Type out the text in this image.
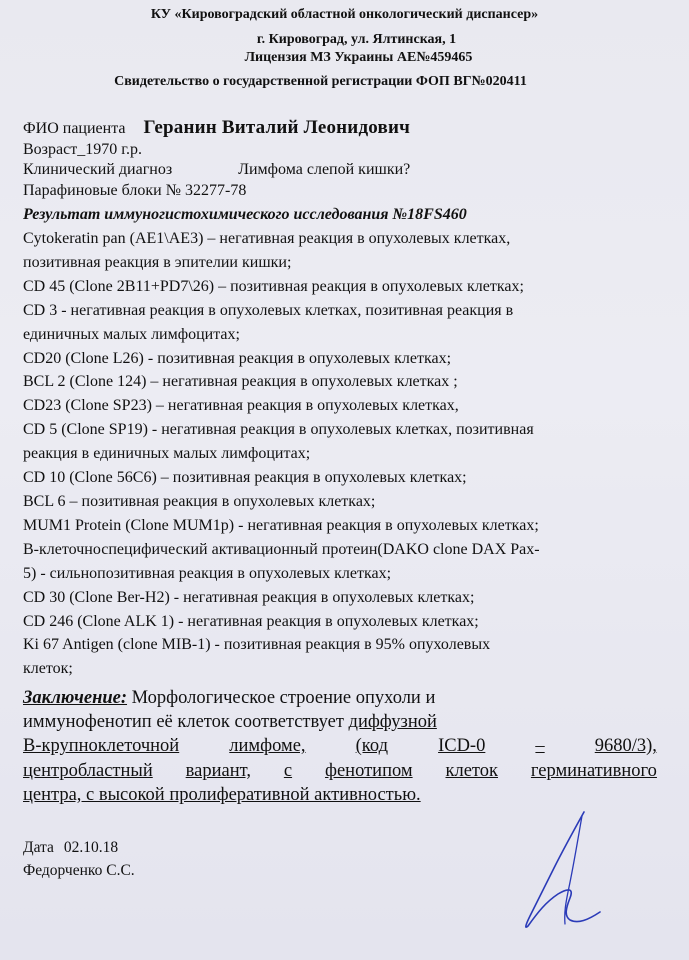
КУ «Кировоградский областной онкологический диспансер»
г. Кировоград, ул. Ялтинская, 1
Лицензия МЗ Украины АЕ№459465
Свидетельство о государственной регистрации ФОП ВГ№020411
ФИО пациента Геранин Виталий Леонидович
Возраст_1970 г.р.
Клинический диагноз	Лимфома слепой кишки?
Парафиновые блоки № 32277-78
Результат иммуногистохимического исследования №18FS460
Cytokeratin pan (AE1\AE3) – негативная реакция в опухолевых клетках,
позитивная реакция в эпителии кишки;
CD 45 (Clone 2B11+PD7\26) – позитивная реакция в опухолевых клетках;
CD 3 - негативная реакция в опухолевых клетках, позитивная реакция в
единичных малых лимфоцитах;
CD20 (Clone L26) - позитивная реакция в опухолевых клетках;
BCL 2 (Clone 124) – негативная реакция в опухолевых клетках ;
CD23 (Clone SP23) – негативная реакция в опухолевых клетках,
CD 5 (Clone SP19) - негативная реакция в опухолевых клетках, позитивная
реакция в единичных малых лимфоцитах;
CD 10 (Clone 56C6) – позитивная реакция в опухолевых клетках;
BCL 6 – позитивная реакция в опухолевых клетках;
MUM1 Protein (Clone MUM1p) - негативная реакция в опухолевых клетках;
В-клеточноспецифический активационный протеин(DAKO clone DAX Pax-
5) - сильнопозитивная реакция в опухолевых клетках;
CD 30 (Clone Ber-H2) - негативная реакция в опухолевых клетках;
CD 246 (Clone ALK 1) - негативная реакция в опухолевых клетках;
Ki 67 Antigen (clone MIB-1) - позитивная реакция в 95% опухолевых
клеток;
Заключение: Морфологическое строение опухоли и
иммунофенотип её клеток соответствует диффузной
В-крупноклеточной	лимфоме,	(код	ICD-0	–	9680/3),
центробластный вариант, с фенотипом клеток герминативного
центра, с высокой пролиферативной активностью.
Дата 02.10.18
Федорченко С.С.
